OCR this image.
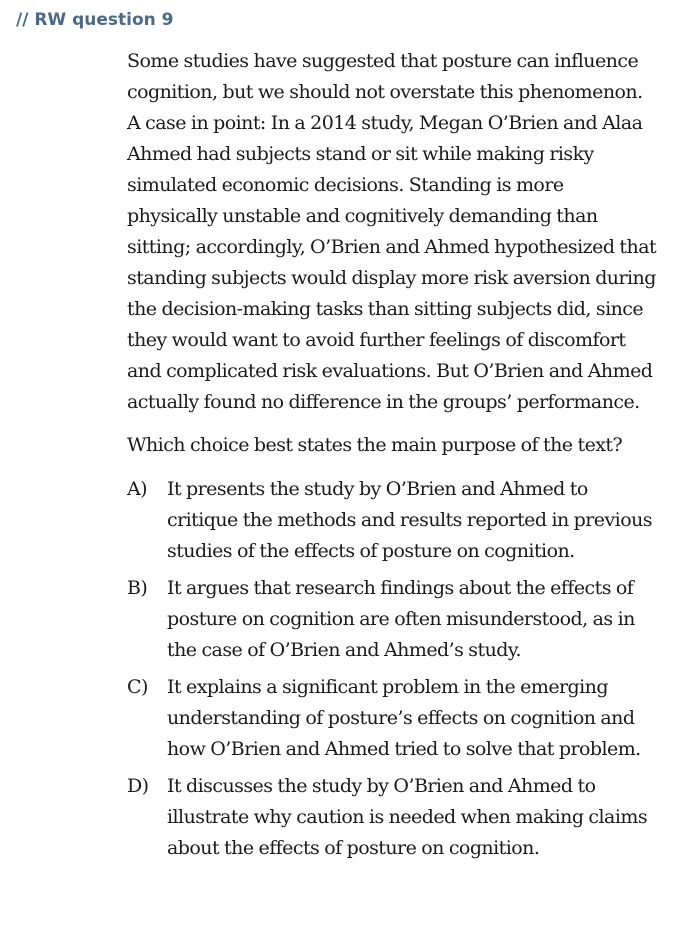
// RW question 9

Some studies have suggested that posture can influence cognition, but we should not overstate this phenomenon. A case in point: In a 2014 study, Megan O’Brien and Alaa Ahmed had subjects stand or sit while making risky simulated economic decisions. Standing is more physically unstable and cognitively demanding than sitting; accordingly, O’Brien and Ahmed hypothesized that standing subjects would display more risk aversion during the decision-making tasks than sitting subjects did, since they would want to avoid further feelings of discomfort and complicated risk evaluations. But O’Brien and Ahmed actually found no difference in the groups’ performance.

Which choice best states the main purpose of the text?

A) It presents the study by O’Brien and Ahmed to critique the methods and results reported in previous studies of the effects of posture on cognition.
B) It argues that research findings about the effects of posture on cognition are often misunderstood, as in the case of O’Brien and Ahmed’s study.
C) It explains a significant problem in the emerging understanding of posture’s effects on cognition and how O’Brien and Ahmed tried to solve that problem.
D) It discusses the study by O’Brien and Ahmed to illustrate why caution is needed when making claims about the effects of posture on cognition.
